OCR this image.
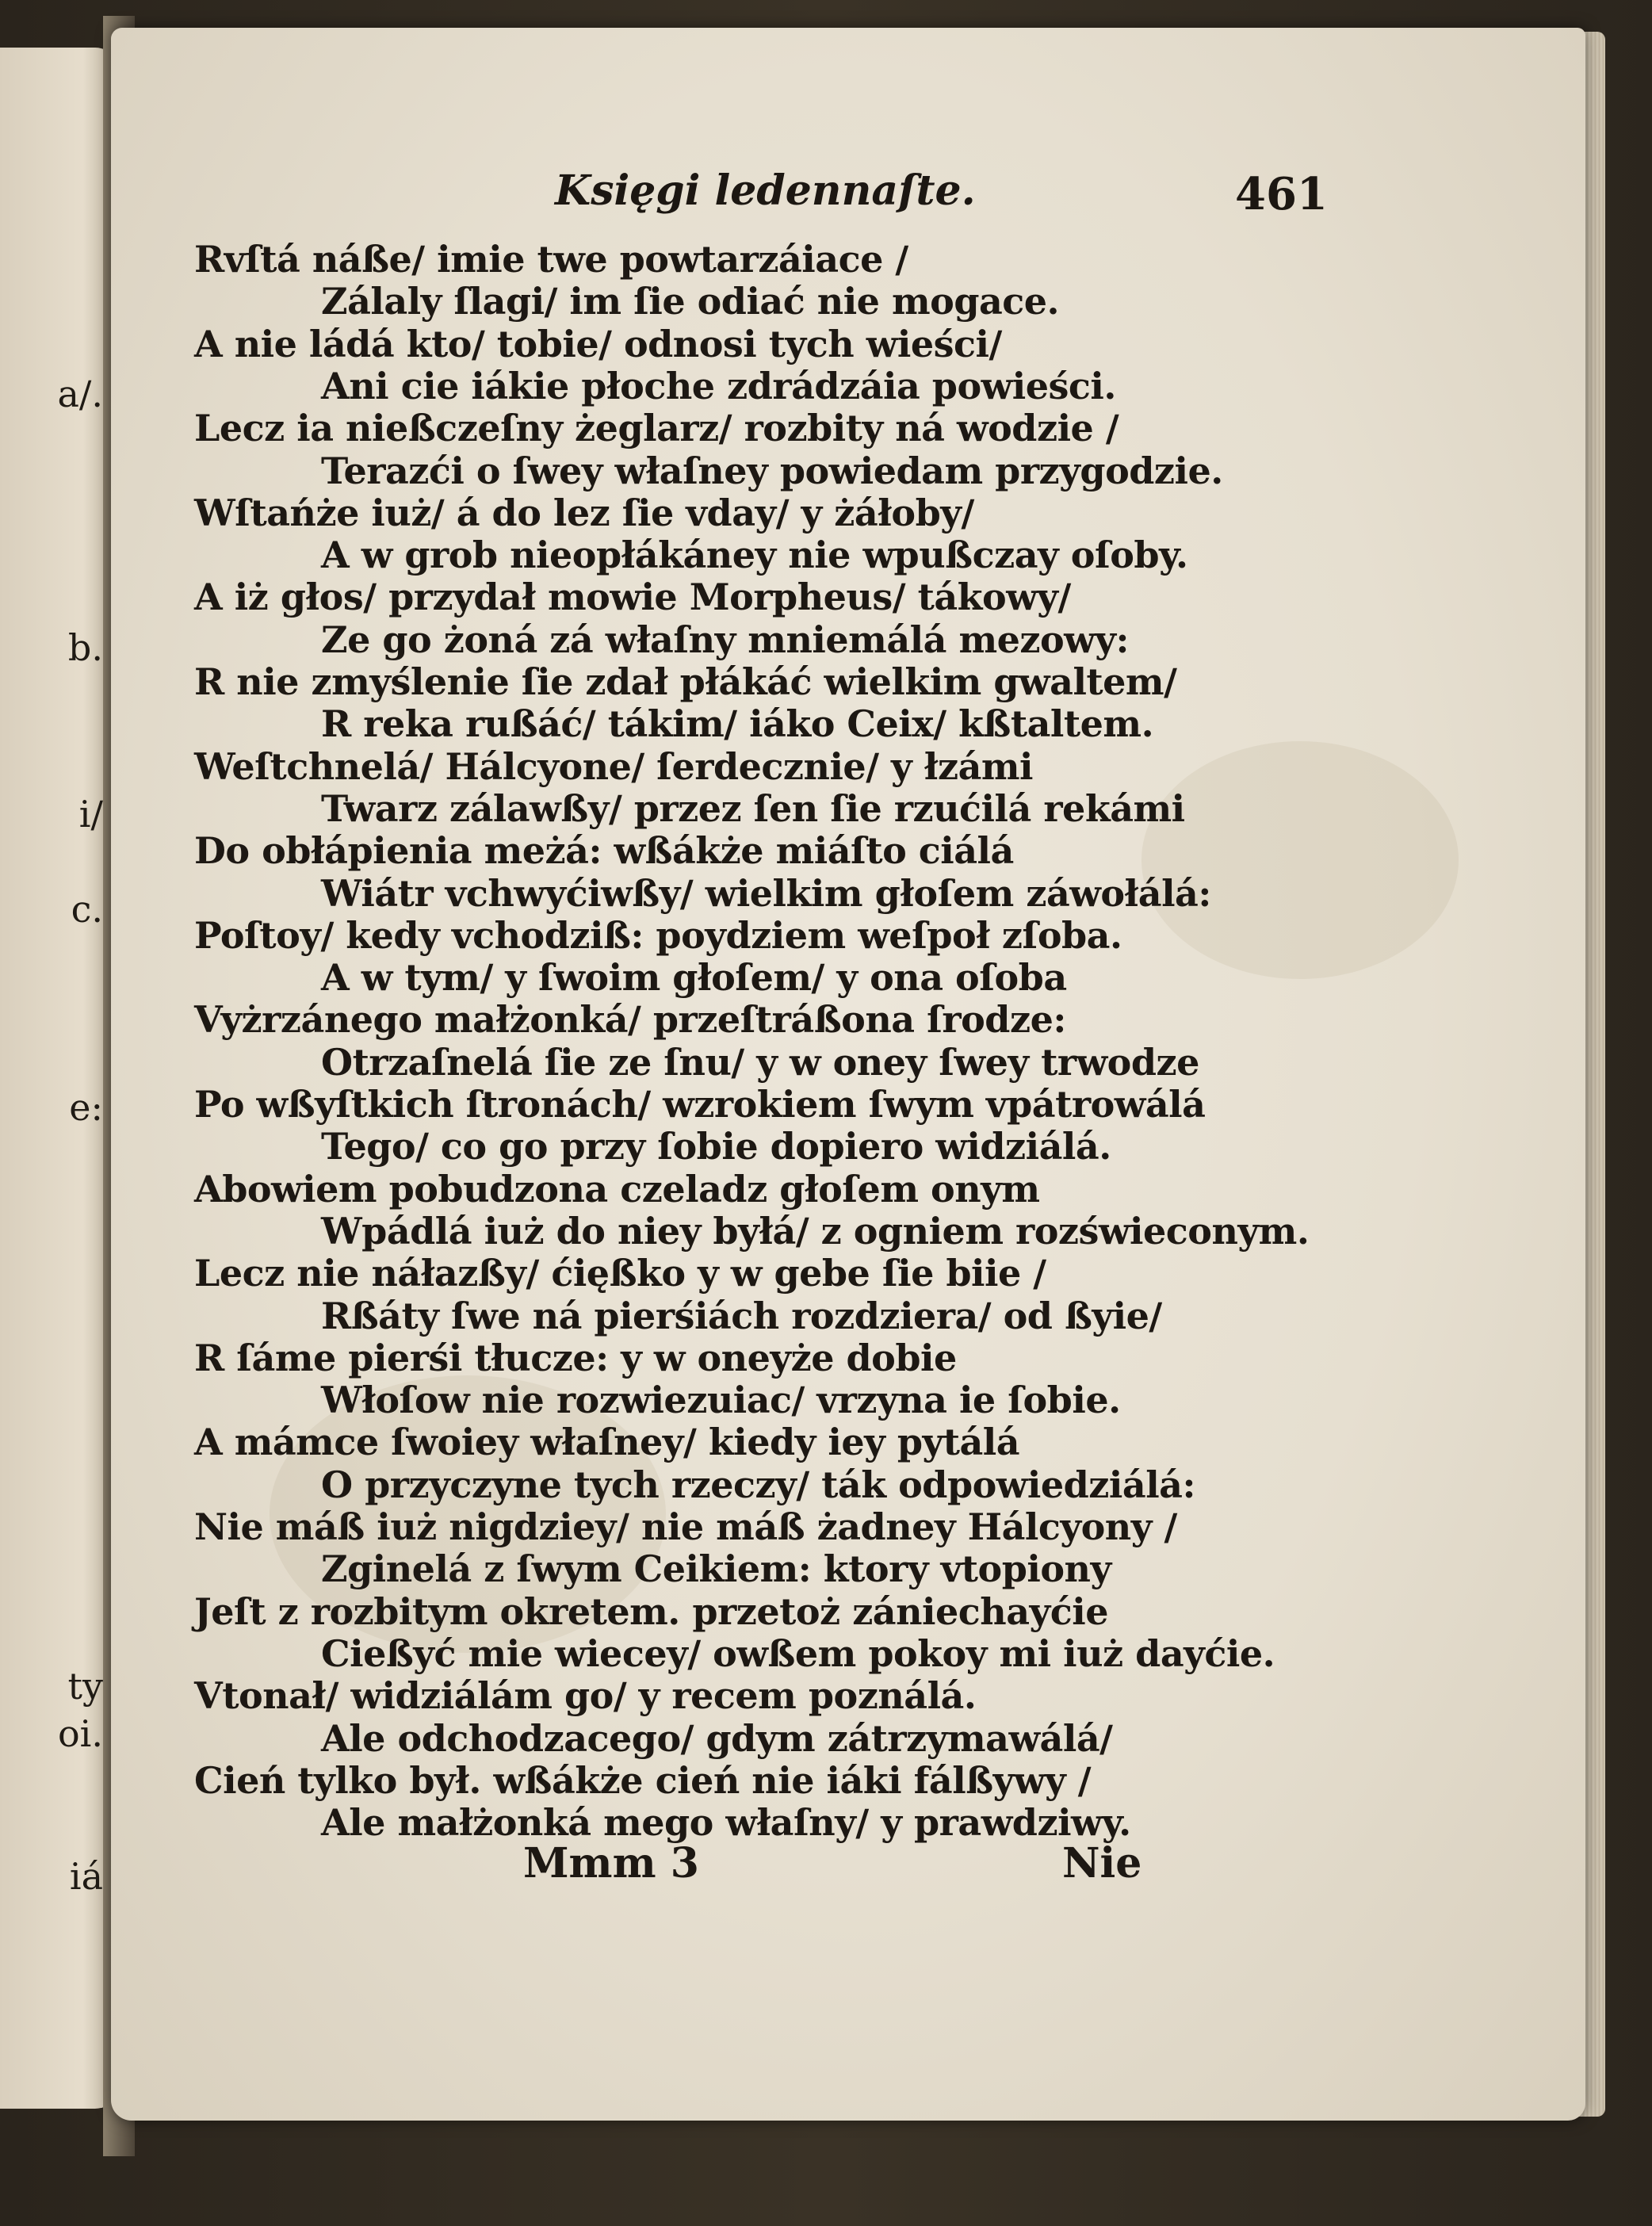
a/.
b.
i/
c.
e:
ty
oi.
iá
Księgi ledennaſte.	461
Rvſtá náße/ imie twe powtarzáiace /
Zálaly ſlagi/ im ſie odiać nie mogace.
A nie ládá kto/ tobie/ odnosi tych wieści/
Ani cie iákie płoche zdrádzáia powieści.
Lecz ia nießczeſny żeglarz/ rozbity ná wodzie /
Terazći o ſwey właſney powiedam przygodzie.
Wſtańże iuż/ á do lez ſie vday/ y żáłoby/
A w grob nieopłákáney nie wpußczay oſoby.
A iż głos/ przydał mowie Morpheus/ tákowy/
Ze go żoná zá właſny mniemálá mezowy:
R nie zmyślenie ſie zdał płákáć wielkim gwaltem/
R reka rußáć/ tákim/ iáko Ceix/ kßtaltem.
Weſtchnelá/ Hálcyone/ ſerdecznie/ y łzámi
Twarz zálawßy/ przez ſen ſie rzućilá rekámi
Do obłápienia meżá: wßákże miáſto ciálá
Wiátr vchwyćiwßy/ wielkim głoſem záwołálá:
Poſtoy/ kedy vchodziß: poydziem weſpoł zſoba.
A w tym/ y ſwoim głoſem/ y ona oſoba
Vyżrzánego małżonká/ przeſtráßona ſrodze:
Otrzaſnelá ſie ze ſnu/ y w oney ſwey trwodze
Po wßyſtkich ſtronách/ wzrokiem ſwym vpátrowálá
Tego/ co go przy ſobie dopiero widziálá.
Abowiem pobudzona czeladz głoſem onym
Wpádlá iuż do niey byłá/ z ogniem rozświeconym.
Lecz nie náłazßy/ ćięßko y w gebe ſie biie /
Rßáty ſwe ná pierśiách rozdziera/ od ßyie/
R ſáme pierśi tłucze: y w oneyże dobie
Włoſow nie rozwiezuiac/ vrzyna ie ſobie.
A mámce ſwoiey właſney/ kiedy iey pytálá
O przyczyne tych rzeczy/ ták odpowiedziálá:
Nie máß iuż nigdziey/ nie máß żadney Hálcyony /
Zginelá z ſwym Ceikiem: ktory vtopiony
Jeſt z rozbitym okretem. przetoż zániechayćie
Cießyć mie wiecey/ owßem pokoy mi iuż dayćie.
Vtonał/ widziálám go/ y recem poználá.
Ale odchodzacego/ gdym zátrzymawálá/
Cień tylko był. wßákże cień nie iáki fálßywy /
Ale małżonká mego właſny/ y prawdziwy.
Mmm 3	Nie
